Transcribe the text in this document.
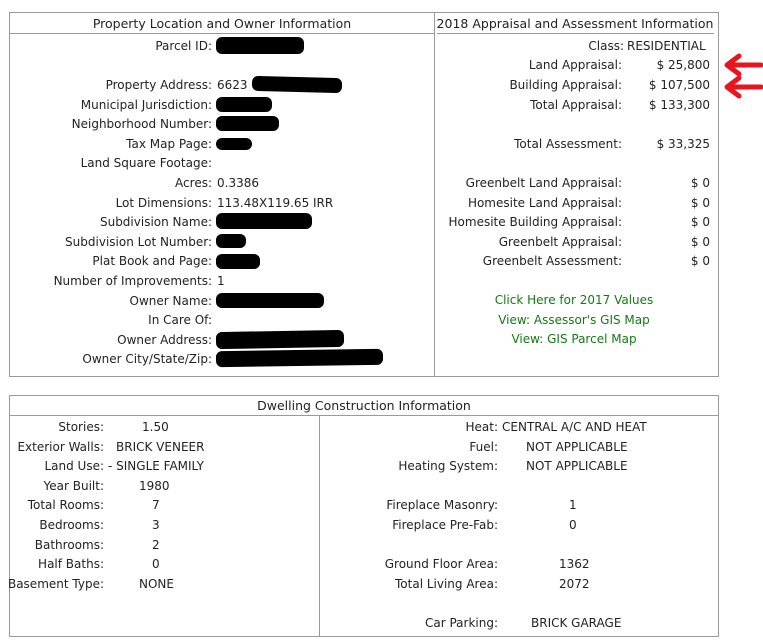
Property Location and Owner Information	2018 Appraisal and Assessment Information
Parcel ID:
Property Address:
Municipal Jurisdiction:
Neighborhood Number:
Tax Map Page:
Land Square Footage:
Acres:
Lot Dimensions:
Subdivision Name:
Subdivision Lot Number:
Plat Book and Page:
Number of Improvements:
Owner Name:
In Care Of:
Owner Address:
Owner City/State/Zip:
6623
0.3386
113.48X119.65 IRR
1
Class: RESIDENTIAL
Land Appraisal:
Building Appraisal:
Total Appraisal:
Total Assessment:
Greenbelt Land Appraisal:
Homesite Land Appraisal:
Homesite Building Appraisal:
Greenbelt Appraisal:
Greenbelt Assessment:
$ 25,800
$ 107,500
$ 133,300
$ 33,325
$ 0
$ 0
$ 0
$ 0
$ 0
Click Here for 2017 Values
View: Assessor's GIS Map
View: GIS Parcel Map
Dwelling Construction Information
Stories:
Exterior Walls:
Land Use:
Year Built:
Total Rooms:
Bedrooms:
Bathrooms:
Half Baths:
Basement Type:
1.50
BRICK VENEER
- SINGLE FAMILY
1980
7
3
2
0
NONE
Heat:
Fuel:
Heating System:
Fireplace Masonry:
Fireplace Pre-Fab:
Ground Floor Area:
Total Living Area:
Car Parking:
CENTRAL A/C AND HEAT
NOT APPLICABLE
NOT APPLICABLE
1
0
1362
2072
BRICK GARAGE
